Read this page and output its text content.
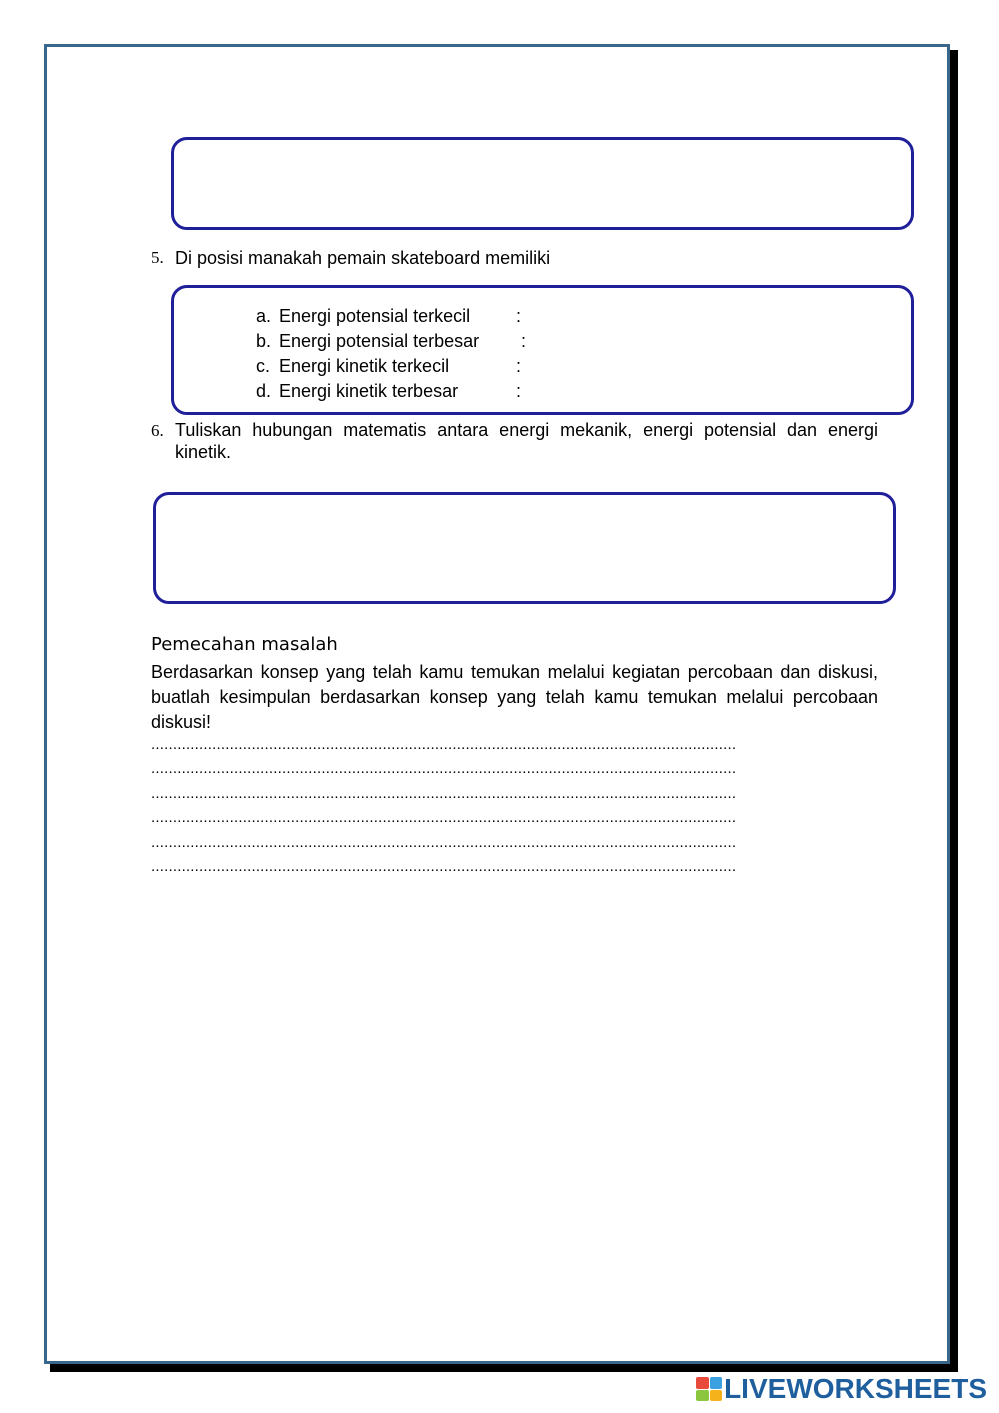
5. Di posisi manakah pemain skateboard memiliki
a. Energi potensial terkecil	:
b. Energi potensial terbesar	:
c. Energi kinetik terkecil	:
d. Energi kinetik terbesar	:
6. Tuliskan hubungan matematis antara energi mekanik, energi potensial dan energi kinetik.
Pemecahan masalah
Berdasarkan konsep yang telah kamu temukan melalui kegiatan percobaan dan diskusi, buatlah kesimpulan berdasarkan konsep yang telah kamu temukan melalui percobaan diskusi!
......................................................................................................................................
......................................................................................................................................
......................................................................................................................................
......................................................................................................................................
......................................................................................................................................
......................................................................................................................................
LIVEWORKSHEETS
